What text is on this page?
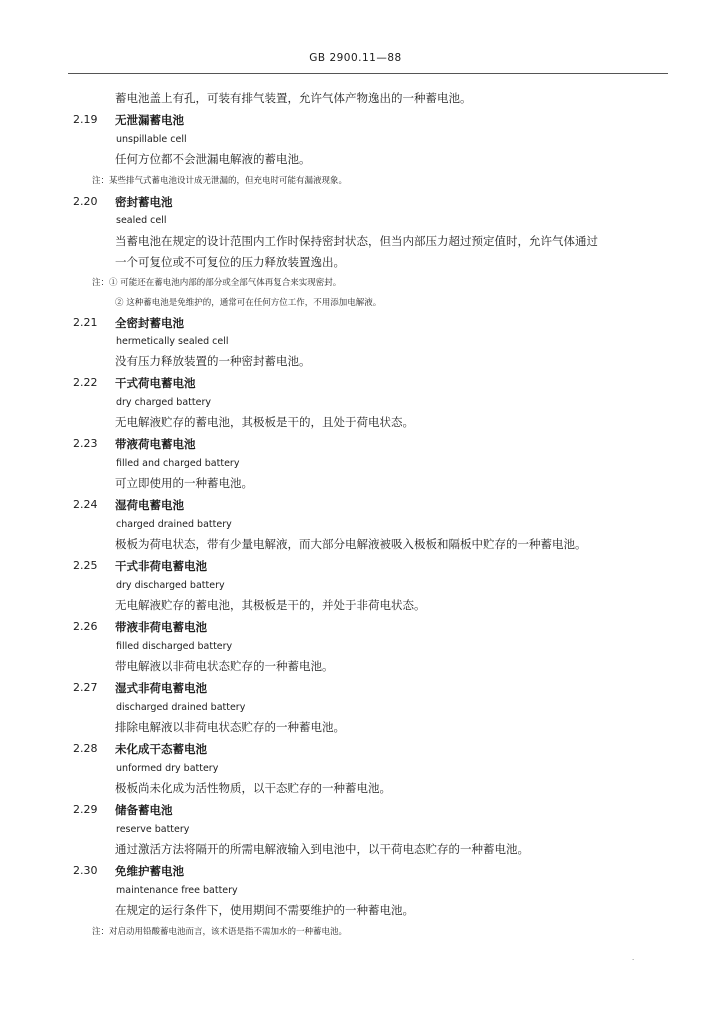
GB 2900.11—88
蓄电池盖上有孔，可装有排气装置，允许气体产物逸出的一种蓄电池。
2.19 无泄漏蓄电池
unspillable cell
任何方位都不会泄漏电解液的蓄电池。
注：某些排气式蓄电池设计成无泄漏的，但充电时可能有漏液现象。
2.20 密封蓄电池
sealed cell
当蓄电池在规定的设计范围内工作时保持密封状态，但当内部压力超过预定值时，允许气体通过
一个可复位或不可复位的压力释放装置逸出。
注：① 可能还在蓄电池内部的部分或全部气体再复合来实现密封。
② 这种蓄电池是免维护的，通常可在任何方位工作，不用添加电解液。
2.21 全密封蓄电池
hermetically sealed cell
没有压力释放装置的一种密封蓄电池。
2.22 干式荷电蓄电池
dry charged battery
无电解液贮存的蓄电池，其极板是干的，且处于荷电状态。
2.23 带液荷电蓄电池
filled and charged battery
可立即使用的一种蓄电池。
2.24 湿荷电蓄电池
charged drained battery
极板为荷电状态，带有少量电解液，而大部分电解液被吸入极板和隔板中贮存的一种蓄电池。
2.25 干式非荷电蓄电池
dry discharged battery
无电解液贮存的蓄电池，其极板是干的，并处于非荷电状态。
2.26 带液非荷电蓄电池
filled discharged battery
带电解液以非荷电状态贮存的一种蓄电池。
2.27 湿式非荷电蓄电池
discharged drained battery
排除电解液以非荷电状态贮存的一种蓄电池。
2.28 未化成干态蓄电池
unformed dry battery
极板尚未化成为活性物质，以干态贮存的一种蓄电池。
2.29 储备蓄电池
reserve battery
通过激活方法将隔开的所需电解液输入到电池中，以干荷电态贮存的一种蓄电池。
2.30 免维护蓄电池
maintenance free battery
在规定的运行条件下，使用期间不需要维护的一种蓄电池。
注：对启动用铅酸蓄电池而言，该术语是指不需加水的一种蓄电池。
·
